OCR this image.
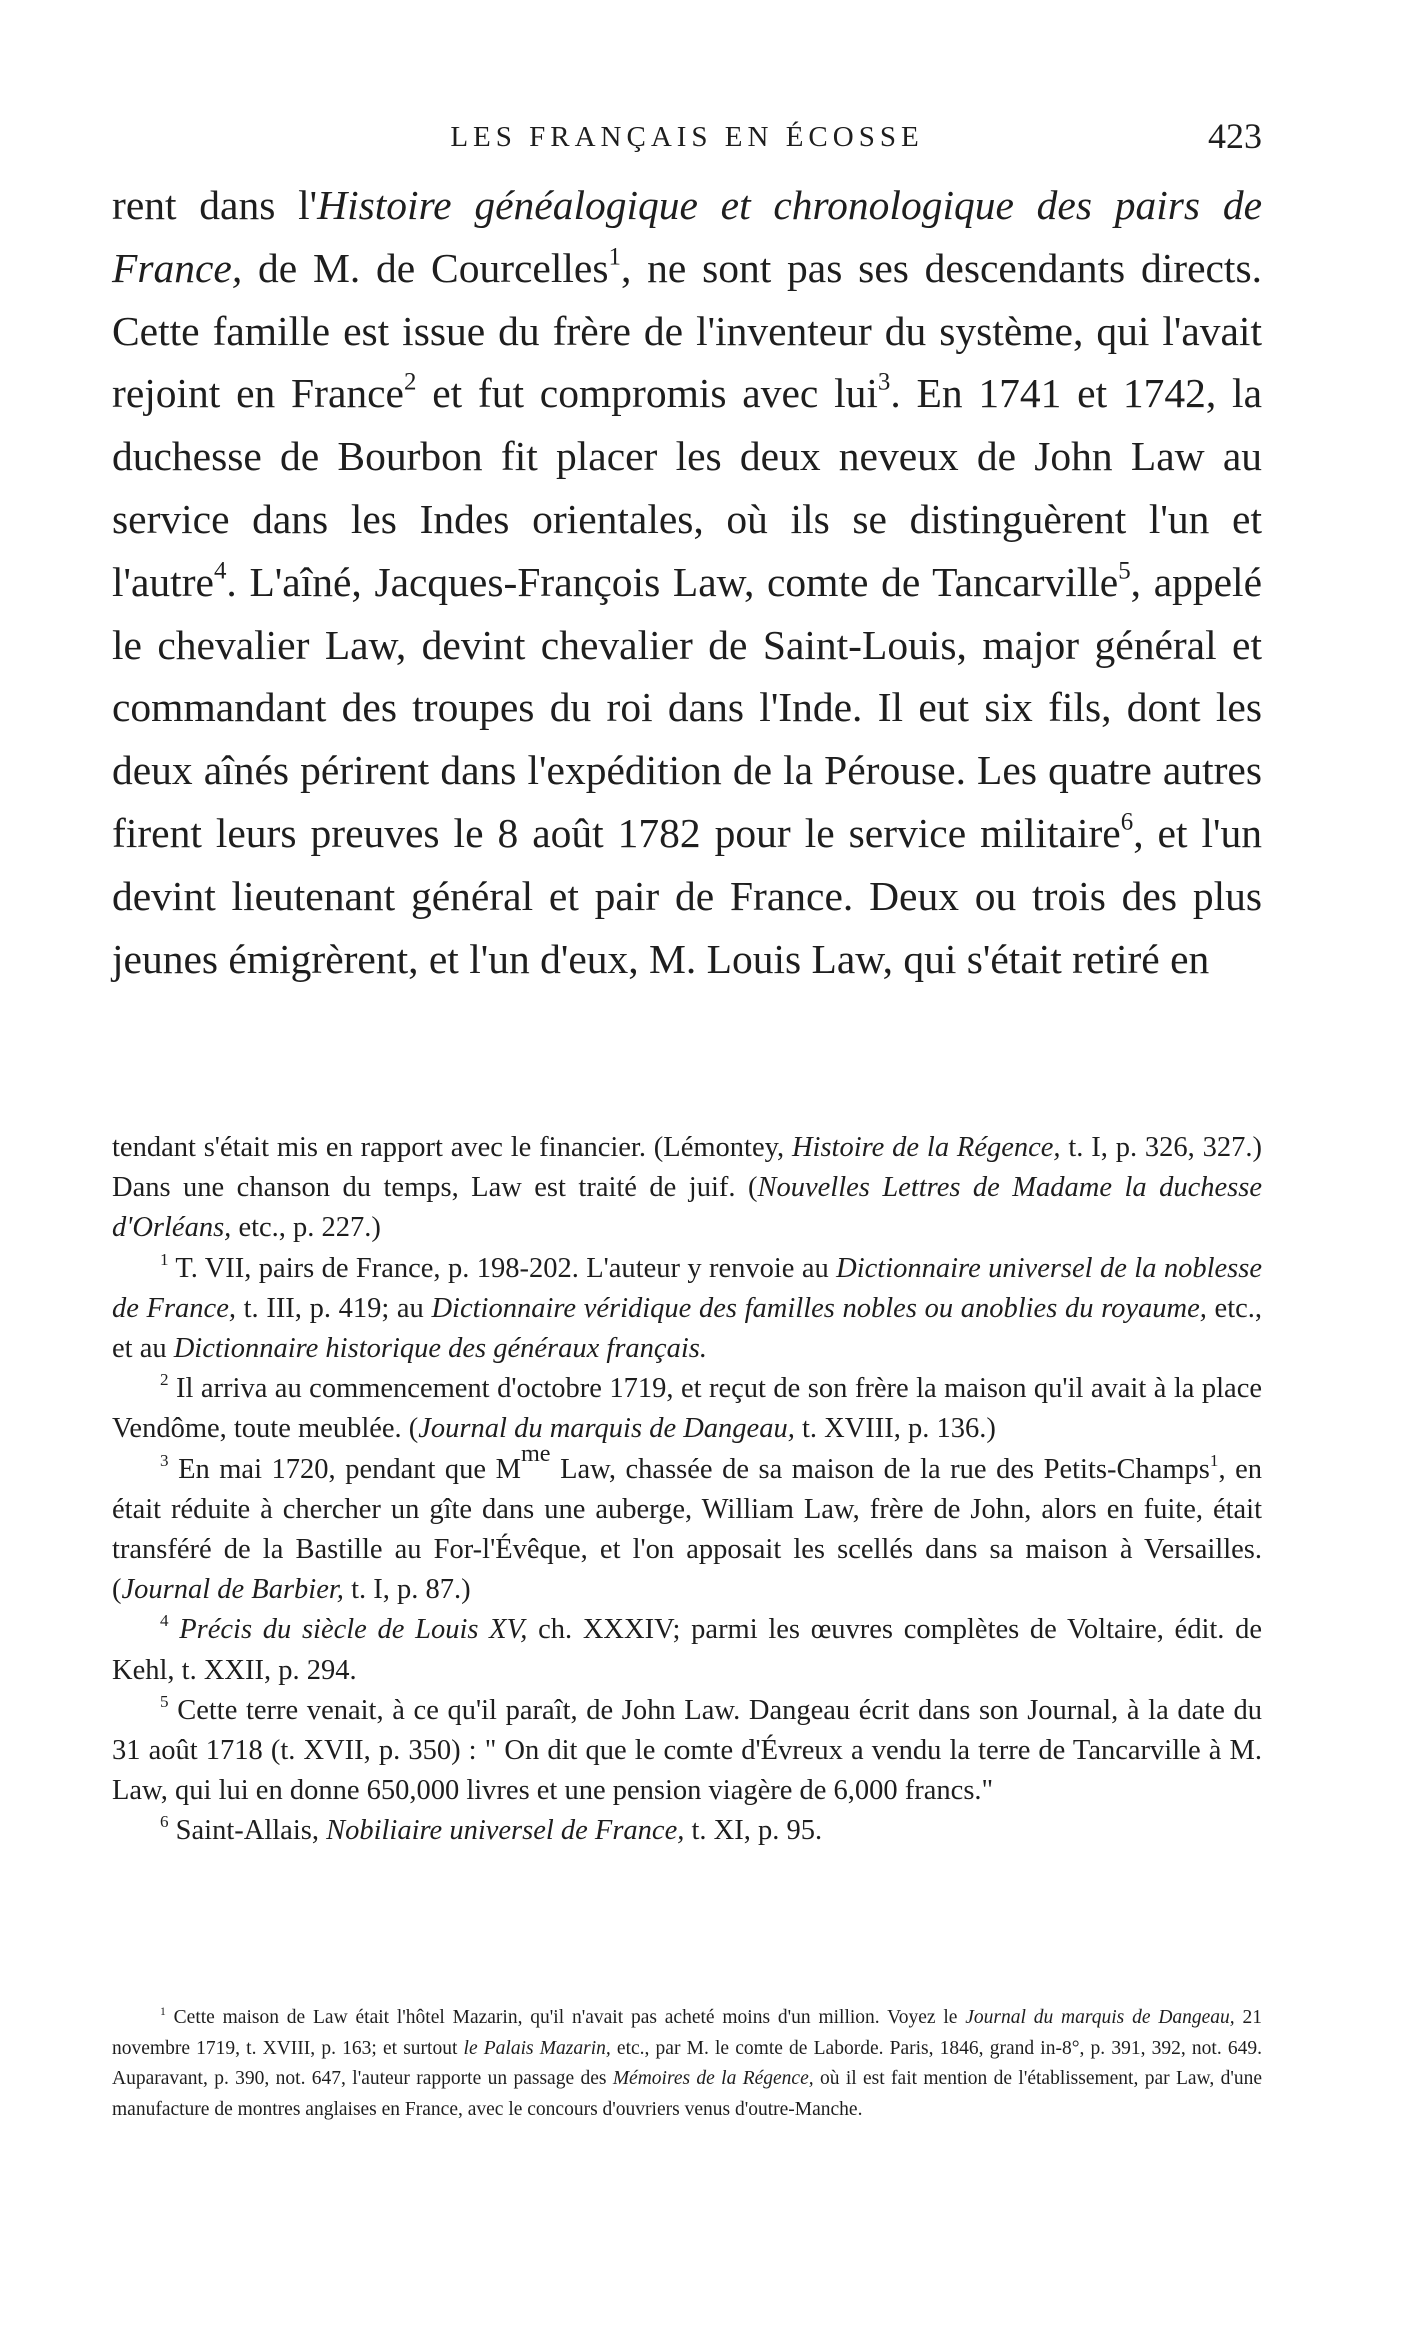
LES FRANÇAIS EN ÉCOSSE	423

rent dans l'Histoire généalogique et chronologique des pairs de France, de M. de Courcelles$^1$, ne sont pas ses descendants directs. Cette famille est issue du frère de l'inventeur du système, qui l'avait rejoint en France$^2$ et fut compromis avec lui$^3$. En 1741 et 1742, la duchesse de Bourbon fit placer les deux neveux de John Law au service dans les Indes orientales, où ils se distinguèrent l'un et l'autre$^4$. L'aîné, Jacques-François Law, comte de Tancarville$^5$, appelé le chevalier Law, devint chevalier de Saint-Louis, major général et commandant des troupes du roi dans l'Inde. Il eut six fils, dont les deux aînés périrent dans l'expédition de la Pérouse. Les quatre autres firent leurs preuves le 8 août 1782 pour le service militaire$^6$, et l'un devint lieutenant général et pair de France. Deux ou trois des plus jeunes émigrèrent, et l'un d'eux, M. Louis Law, qui s'était retiré en

tendant s'était mis en rapport avec le financier. (Lémontey, Histoire de la Régence, t. I, p. 326, 327.) Dans une chanson du temps, Law est traité de juif. (Nouvelles Lettres de Madame la duchesse d'Orléans, etc., p. 227.)

$^1$ T. VII, pairs de France, p. 198-202. L'auteur y renvoie au Dictionnaire universel de la noblesse de France, t. III, p. 419; au Dictionnaire véridique des familles nobles ou anoblies du royaume, etc., et au Dictionnaire historique des généraux français.

$^2$ Il arriva au commencement d'octobre 1719, et reçut de son frère la maison qu'il avait à la place Vendôme, toute meublée. (Journal du marquis de Dangeau, t. XVIII, p. 136.)

$^3$ En mai 1720, pendant que $M^{me}$ Law, chassée de sa maison de la rue des Petits-Champs$^1$, en était réduite à chercher un gîte dans une auberge, William Law, frère de John, alors en fuite, était transféré de la Bastille au For-l'Évêque, et l'on apposait les scellés dans sa maison à Versailles. (Journal de Barbier, t. I, p. 87.)

$^4$ Précis du siècle de Louis XV, ch. XXXIV; parmi les œuvres complètes de Voltaire, édit. de Kehl, t. XXII, p. 294.

$^5$ Cette terre venait, à ce qu'il paraît, de John Law. Dangeau écrit dans son Journal, à la date du 31 août 1718 (t. XVII, p. 350) : " On dit que le comte d'Évreux a vendu la terre de Tancarville à M. Law, qui lui en donne 650,000 livres et une pension viagère de 6,000 francs."

$^6$ Saint-Allais, Nobiliaire universel de France, t. XI, p. 95.

$^1$ Cette maison de Law était l'hôtel Mazarin, qu'il n'avait pas acheté moins d'un million. Voyez le Journal du marquis de Dangeau, 21 novembre 1719, t. XVIII, p. 163; et surtout le Palais Mazarin, etc., par M. le comte de Laborde. Paris, 1846, grand in-8°, p. 391, 392, not. 649. Auparavant, p. 390, not. 647, l'auteur rapporte un passage des Mémoires de la Régence, où il est fait mention de l'établissement, par Law, d'une manufacture de montres anglaises en France, avec le concours d'ouvriers venus d'outre-Manche.
